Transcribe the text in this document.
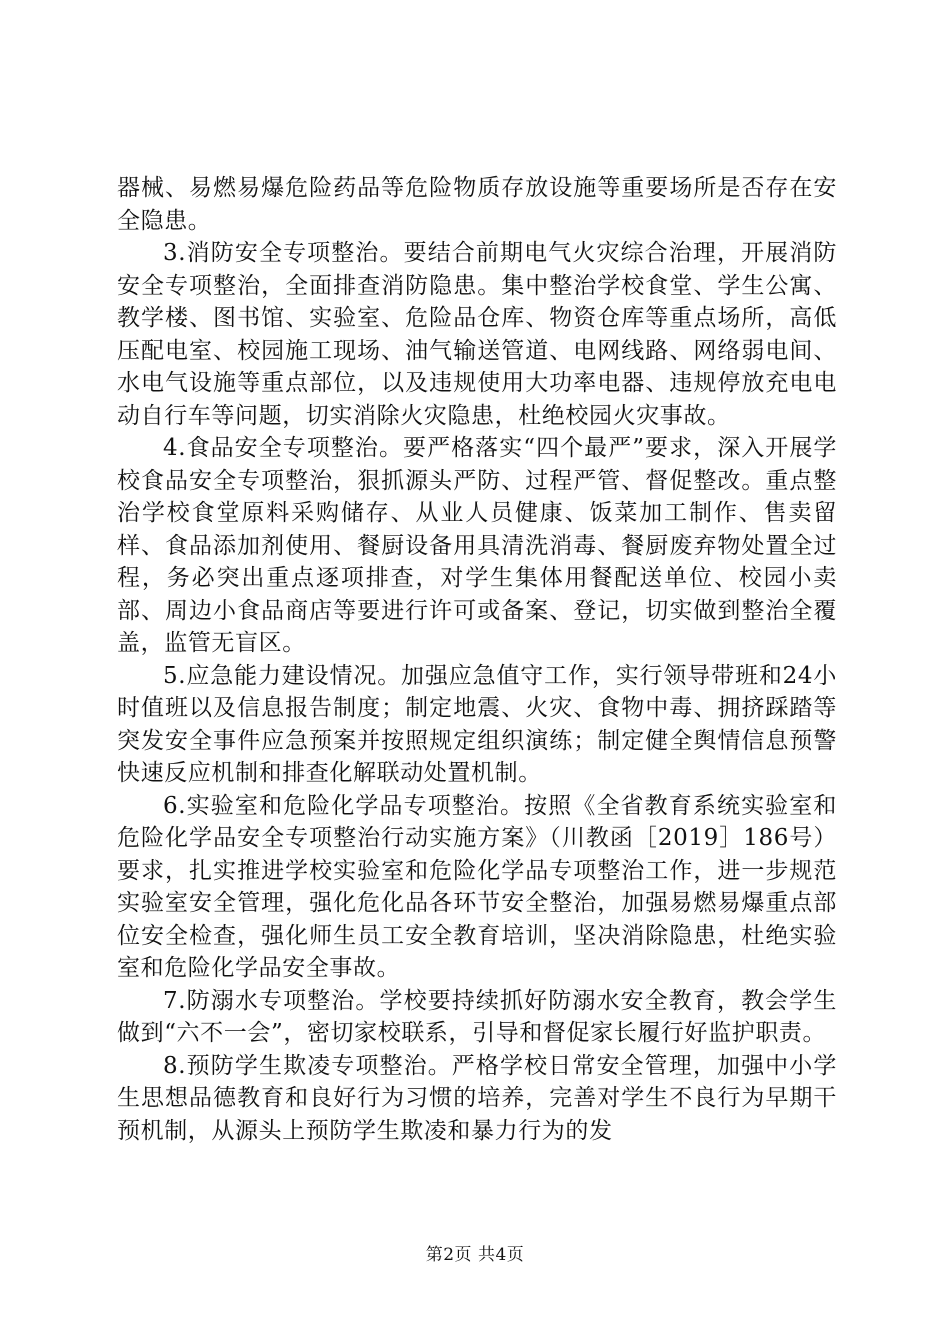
器械、易燃易爆危险药品等危险物质存放设施等重要场所是否存在安全隐患。

3.消防安全专项整治。要结合前期电气火灾综合治理，开展消防安全专项整治，全面排查消防隐患。集中整治学校食堂、学生公寓、教学楼、图书馆、实验室、危险品仓库、物资仓库等重点场所，高低压配电室、校园施工现场、油气输送管道、电网线路、网络弱电间、水电气设施等重点部位，以及违规使用大功率电器、违规停放充电电动自行车等问题，切实消除火灾隐患，杜绝校园火灾事故。

4.食品安全专项整治。要严格落实“四个最严”要求，深入开展学校食品安全专项整治，狠抓源头严防、过程严管、督促整改。重点整治学校食堂原料采购储存、从业人员健康、饭菜加工制作、售卖留样、食品添加剂使用、餐厨设备用具清洗消毒、餐厨废弃物处置全过程，务必突出重点逐项排查，对学生集体用餐配送单位、校园小卖部、周边小食品商店等要进行许可或备案、登记，切实做到整治全覆盖，监管无盲区。

5.应急能力建设情况。加强应急值守工作，实行领导带班和24小时值班以及信息报告制度；制定地震、火灾、食物中毒、拥挤踩踏等突发安全事件应急预案并按照规定组织演练；制定健全舆情信息预警快速反应机制和排查化解联动处置机制。

6.实验室和危险化学品专项整治。按照《全省教育系统实验室和危险化学品安全专项整治行动实施方案》（川教函［2019］186号）要求，扎实推进学校实验室和危险化学品专项整治工作，进一步规范实验室安全管理，强化危化品各环节安全整治，加强易燃易爆重点部位安全检查，强化师生员工安全教育培训，坚决消除隐患，杜绝实验室和危险化学品安全事故。

7.防溺水专项整治。学校要持续抓好防溺水安全教育，教会学生做到“六不一会”，密切家校联系，引导和督促家长履行好监护职责。

8.预防学生欺凌专项整治。严格学校日常安全管理，加强中小学生思想品德教育和良好行为习惯的培养，完善对学生不良行为早期干预机制，从源头上预防学生欺凌和暴力行为的发

第2页 共4页
